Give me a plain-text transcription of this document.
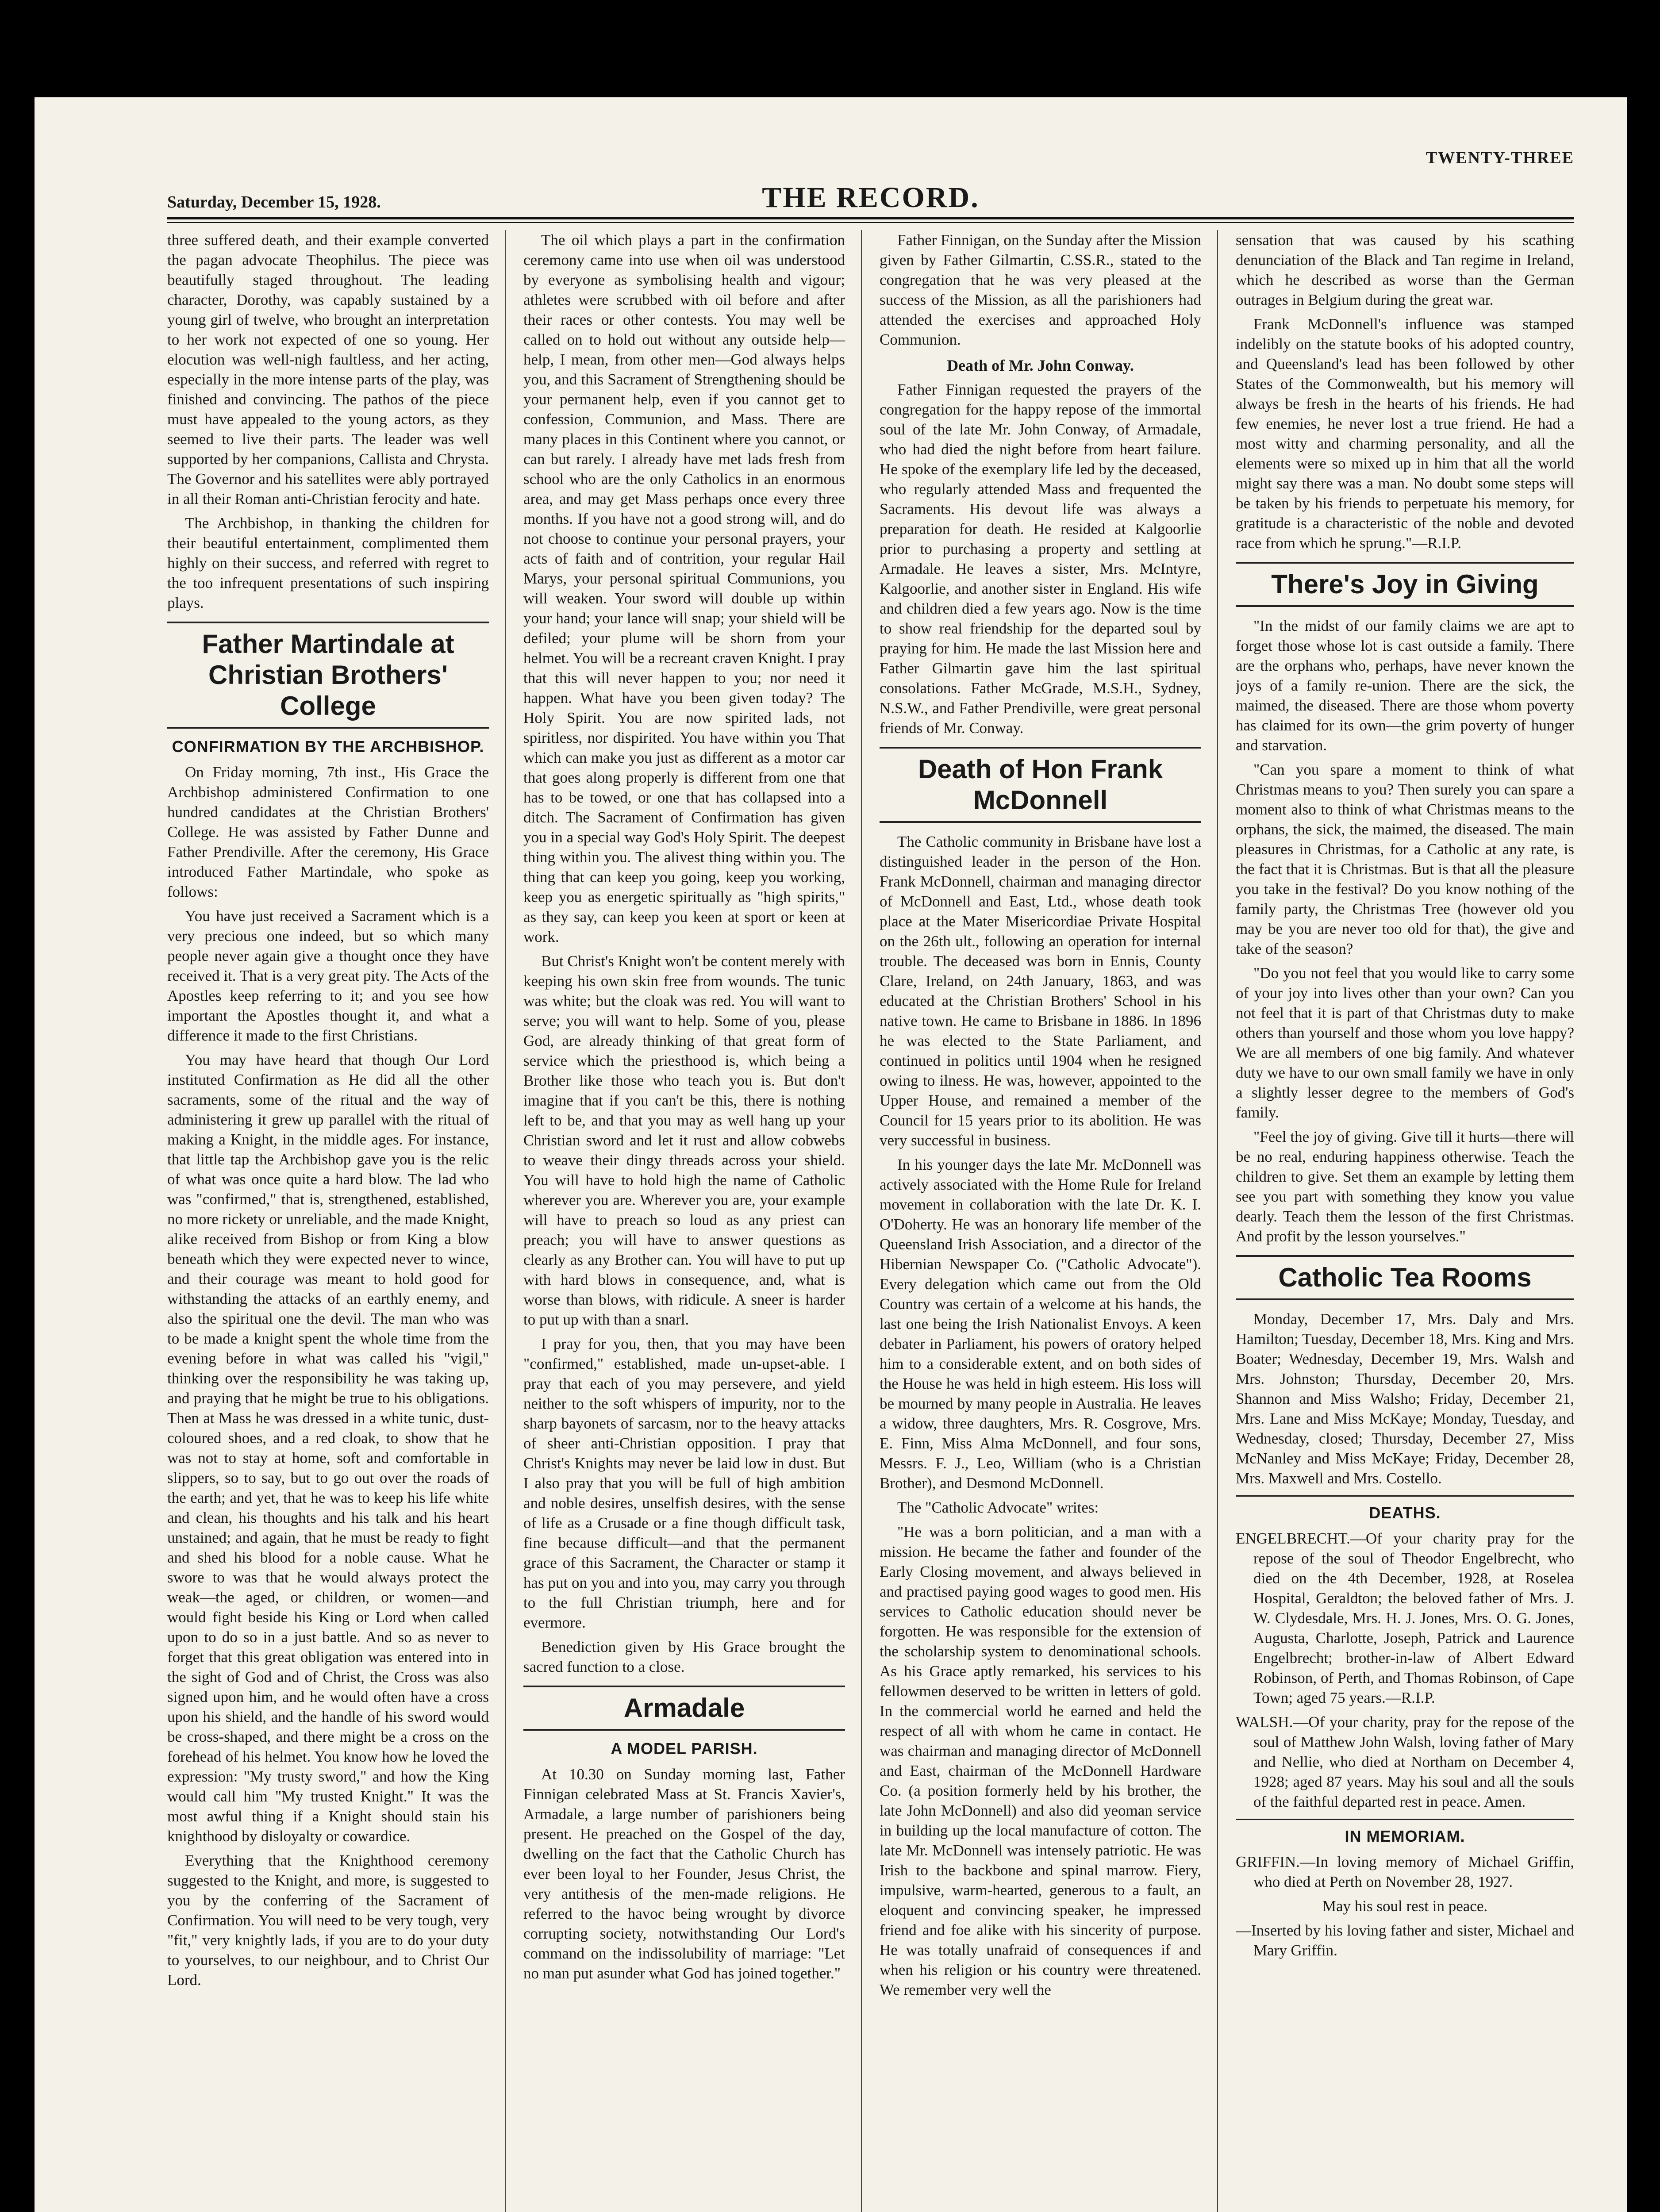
Saturday, December 15, 1928.	THE RECORD.
TWENTY-THREE

three suffered death, and their example converted the pagan advocate Theophilus. The piece was beautifully staged throughout. The leading character, Dorothy, was capably sustained by a young girl of twelve, who brought an interpretation to her work not expected of one so young. Her elocution was well-nigh faultless, and her acting, especially in the more intense parts of the play, was finished and convincing. The pathos of the piece must have appealed to the young actors, as they seemed to live their parts. The leader was well supported by her companions, Callista and Chrysta. The Governor and his satellites were ably portrayed in all their Roman anti-Christian ferocity and hate.

The Archbishop, in thanking the children for their beautiful entertainment, complimented them highly on their success, and referred with regret to the too infrequent presentations of such inspiring plays.

Father Martindale at Christian Brothers' College
CONFIRMATION BY THE ARCHBISHOP.

On Friday morning, 7th inst., His Grace the Archbishop administered Confirmation to one hundred candidates at the Christian Brothers' College. He was assisted by Father Dunne and Father Prendiville. After the ceremony, His Grace introduced Father Martindale, who spoke as follows:

You have just received a Sacrament which is a very precious one indeed, but so which many people never again give a thought once they have received it. That is a very great pity. The Acts of the Apostles keep referring to it; and you see how important the Apostles thought it, and what a difference it made to the first Christians.

You may have heard that though Our Lord instituted Confirmation as He did all the other sacraments, some of the ritual and the way of administering it grew up parallel with the ritual of making a Knight, in the middle ages. For instance, that little tap the Archbishop gave you is the relic of what was once quite a hard blow. The lad who was "confirmed," that is, strengthened, established, no more rickety or unreliable, and the made Knight, alike received from Bishop or from King a blow beneath which they were expected never to wince, and their courage was meant to hold good for withstanding the attacks of an earthly enemy, and also the spiritual one the devil. The man who was to be made a knight spent the whole time from the evening before in what was called his "vigil," thinking over the responsibility he was taking up, and praying that he might be true to his obligations. Then at Mass he was dressed in a white tunic, dust-coloured shoes, and a red cloak, to show that he was not to stay at home, soft and comfortable in slippers, so to say, but to go out over the roads of the earth; and yet, that he was to keep his life white and clean, his thoughts and his talk and his heart unstained; and again, that he must be ready to fight and shed his blood for a noble cause. What he swore to was that he would always protect the weak—the aged, or children, or women—and would fight beside his King or Lord when called upon to do so in a just battle. And so as never to forget that this great obligation was entered into in the sight of God and of Christ, the Cross was also signed upon him, and he would often have a cross upon his shield, and the handle of his sword would be cross-shaped, and there might be a cross on the forehead of his helmet. You know how he loved the expression: "My trusty sword," and how the King would call him "My trusted Knight." It was the most awful thing if a Knight should stain his knighthood by disloyalty or cowardice.

Everything that the Knighthood ceremony suggested to the Knight, and more, is suggested to you by the conferring of the Sacrament of Confirmation. You will need to be very tough, very "fit," very knightly lads, if you are to do your duty to yourselves, to our neighbour, and to Christ Our Lord.

The oil which plays a part in the confirmation ceremony came into use when oil was understood by everyone as symbolising health and vigour; athletes were scrubbed with oil before and after their races or other contests. You may well be called on to hold out without any outside help—help, I mean, from other men—God always helps you, and this Sacrament of Strengthening should be your permanent help, even if you cannot get to confession, Communion, and Mass. There are many places in this Continent where you cannot, or can but rarely. I already have met lads fresh from school who are the only Catholics in an enormous area, and may get Mass perhaps once every three months. If you have not a good strong will, and do not choose to continue your personal prayers, your acts of faith and of contrition, your regular Hail Marys, your personal spiritual Communions, you will weaken. Your sword will double up within your hand; your lance will snap; your shield will be defiled; your plume will be shorn from your helmet. You will be a recreant craven Knight. I pray that this will never happen to you; nor need it happen. What have you been given today? The Holy Spirit. You are now spirited lads, not spiritless, nor dispirited. You have within you That which can make you just as different as a motor car that goes along properly is different from one that has to be towed, or one that has collapsed into a ditch. The Sacrament of Confirmation has given you in a special way God's Holy Spirit. The deepest thing within you. The alivest thing within you. The thing that can keep you going, keep you working, keep you as energetic spiritually as "high spirits," as they say, can keep you keen at sport or keen at work.

But Christ's Knight won't be content merely with keeping his own skin free from wounds. The tunic was white; but the cloak was red. You will want to serve; you will want to help. Some of you, please God, are already thinking of that great form of service which the priesthood is, which being a Brother like those who teach you is. But don't imagine that if you can't be this, there is nothing left to be, and that you may as well hang up your Christian sword and let it rust and allow cobwebs to weave their dingy threads across your shield. You will have to hold high the name of Catholic wherever you are. Wherever you are, your example will have to preach so loud as any priest can preach; you will have to answer questions as clearly as any Brother can. You will have to put up with hard blows in consequence, and, what is worse than blows, with ridicule. A sneer is harder to put up with than a snarl.

I pray for you, then, that you may have been "confirmed," established, made un-upset-able. I pray that each of you may persevere, and yield neither to the soft whispers of impurity, nor to the sharp bayonets of sarcasm, nor to the heavy attacks of sheer anti-Christian opposition. I pray that Christ's Knights may never be laid low in dust. But I also pray that you will be full of high ambition and noble desires, unselfish desires, with the sense of life as a Crusade or a fine though difficult task, fine because difficult—and that the permanent grace of this Sacrament, the Character or stamp it has put on you and into you, may carry you through to the full Christian triumph, here and for evermore.

Benediction given by His Grace brought the sacred function to a close.

Armadale
A MODEL PARISH.

At 10.30 on Sunday morning last, Father Finnigan celebrated Mass at St. Francis Xavier's, Armadale, a large number of parishioners being present. He preached on the Gospel of the day, dwelling on the fact that the Catholic Church has ever been loyal to her Founder, Jesus Christ, the very antithesis of the men-made religions. He referred to the havoc being wrought by divorce corrupting society, notwithstanding Our Lord's command on the indissolubility of marriage: "Let no man put asunder what God has joined together."

Father Finnigan, on the Sunday after the Mission given by Father Gilmartin, C.SS.R., stated to the congregation that he was very pleased at the success of the Mission, as all the parishioners had attended the exercises and approached Holy Communion.

Death of Mr. John Conway.

Father Finnigan requested the prayers of the congregation for the happy repose of the immortal soul of the late Mr. John Conway, of Armadale, who had died the night before from heart failure. He spoke of the exemplary life led by the deceased, who regularly attended Mass and frequented the Sacraments. His devout life was always a preparation for death. He resided at Kalgoorlie prior to purchasing a property and settling at Armadale. He leaves a sister, Mrs. McIntyre, Kalgoorlie, and another sister in England. His wife and children died a few years ago. Now is the time to show real friendship for the departed soul by praying for him. He made the last Mission here and Father Gilmartin gave him the last spiritual consolations. Father McGrade, M.S.H., Sydney, N.S.W., and Father Prendiville, were great personal friends of Mr. Conway.

Death of Hon Frank McDonnell

The Catholic community in Brisbane have lost a distinguished leader in the person of the Hon. Frank McDonnell, chairman and managing director of McDonnell and East, Ltd., whose death took place at the Mater Misericordiae Private Hospital on the 26th ult., following an operation for internal trouble. The deceased was born in Ennis, County Clare, Ireland, on 24th January, 1863, and was educated at the Christian Brothers' School in his native town. He came to Brisbane in 1886. In 1896 he was elected to the State Parliament, and continued in politics until 1904 when he resigned owing to ilness. He was, however, appointed to the Upper House, and remained a member of the Council for 15 years prior to its abolition. He was very successful in business.

In his younger days the late Mr. McDonnell was actively associated with the Home Rule for Ireland movement in collaboration with the late Dr. K. I. O'Doherty. He was an honorary life member of the Queensland Irish Association, and a director of the Hibernian Newspaper Co. ("Catholic Advocate"). Every delegation which came out from the Old Country was certain of a welcome at his hands, the last one being the Irish Nationalist Envoys. A keen debater in Parliament, his powers of oratory helped him to a considerable extent, and on both sides of the House he was held in high esteem. His loss will be mourned by many people in Australia. He leaves a widow, three daughters, Mrs. R. Cosgrove, Mrs. E. Finn, Miss Alma McDonnell, and four sons, Messrs. F. J., Leo, William (who is a Christian Brother), and Desmond McDonnell.

The "Catholic Advocate" writes:

"He was a born politician, and a man with a mission. He became the father and founder of the Early Closing movement, and always believed in and practised paying good wages to good men. His services to Catholic education should never be forgotten. He was responsible for the extension of the scholarship system to denominational schools. As his Grace aptly remarked, his services to his fellowmen deserved to be written in letters of gold. In the commercial world he earned and held the respect of all with whom he came in contact. He was chairman and managing director of McDonnell and East, chairman of the McDonnell Hardware Co. (a position formerly held by his brother, the late John McDonnell) and also did yeoman service in building up the local manufacture of cotton. The late Mr. McDonnell was intensely patriotic. He was Irish to the backbone and spinal marrow. Fiery, impulsive, warm-hearted, generous to a fault, an eloquent and convincing speaker, he impressed friend and foe alike with his sincerity of purpose. He was totally unafraid of consequences if and when his religion or his country were threatened. We remember very well the

sensation that was caused by his scathing denunciation of the Black and Tan regime in Ireland, which he described as worse than the German outrages in Belgium during the great war.

Frank McDonnell's influence was stamped indelibly on the statute books of his adopted country, and Queensland's lead has been followed by other States of the Commonwealth, but his memory will always be fresh in the hearts of his friends. He had few enemies, he never lost a true friend. He had a most witty and charming personality, and all the elements were so mixed up in him that all the world might say there was a man. No doubt some steps will be taken by his friends to perpetuate his memory, for gratitude is a characteristic of the noble and devoted race from which he sprung."—R.I.P.

There's Joy in Giving

"In the midst of our family claims we are apt to forget those whose lot is cast outside a family. There are the orphans who, perhaps, have never known the joys of a family re-union. There are the sick, the maimed, the diseased. There are those whom poverty has claimed for its own—the grim poverty of hunger and starvation.

"Can you spare a moment to think of what Christmas means to you? Then surely you can spare a moment also to think of what Christmas means to the orphans, the sick, the maimed, the diseased. The main pleasures in Christmas, for a Catholic at any rate, is the fact that it is Christmas. But is that all the pleasure you take in the festival? Do you know nothing of the family party, the Christmas Tree (however old you may be you are never too old for that), the give and take of the season?

"Do you not feel that you would like to carry some of your joy into lives other than your own? Can you not feel that it is part of that Christmas duty to make others than yourself and those whom you love happy? We are all members of one big family. And whatever duty we have to our own small family we have in only a slightly lesser degree to the members of God's family.

"Feel the joy of giving. Give till it hurts—there will be no real, enduring happiness otherwise. Teach the children to give. Set them an example by letting them see you part with something they know you value dearly. Teach them the lesson of the first Christmas. And profit by the lesson yourselves."

Catholic Tea Rooms

Monday, December 17, Mrs. Daly and Mrs. Hamilton; Tuesday, December 18, Mrs. King and Mrs. Boater; Wednesday, December 19, Mrs. Walsh and Mrs. Johnston; Thursday, December 20, Mrs. Shannon and Miss Walsho; Friday, December 21, Mrs. Lane and Miss McKaye; Monday, Tuesday, and Wednesday, closed; Thursday, December 27, Miss McNanley and Miss McKaye; Friday, December 28, Mrs. Maxwell and Mrs. Costello.

DEATHS.

ENGELBRECHT.—Of your charity pray for the repose of the soul of Theodor Engelbrecht, who died on the 4th December, 1928, at Roselea Hospital, Geraldton; the beloved father of Mrs. J. W. Clydesdale, Mrs. H. J. Jones, Mrs. O. G. Jones, Augusta, Charlotte, Joseph, Patrick and Laurence Engelbrecht; brother-in-law of Albert Edward Robinson, of Perth, and Thomas Robinson, of Cape Town; aged 75 years.—R.I.P.

WALSH.—Of your charity, pray for the repose of the soul of Matthew John Walsh, loving father of Mary and Nellie, who died at Northam on December 4, 1928; aged 87 years. May his soul and all the souls of the faithful departed rest in peace. Amen.

IN MEMORIAM.

GRIFFIN.—In loving memory of Michael Griffin, who died at Perth on November 28, 1927.

May his soul rest in peace.

—Inserted by his loving father and sister, Michael and Mary Griffin.
